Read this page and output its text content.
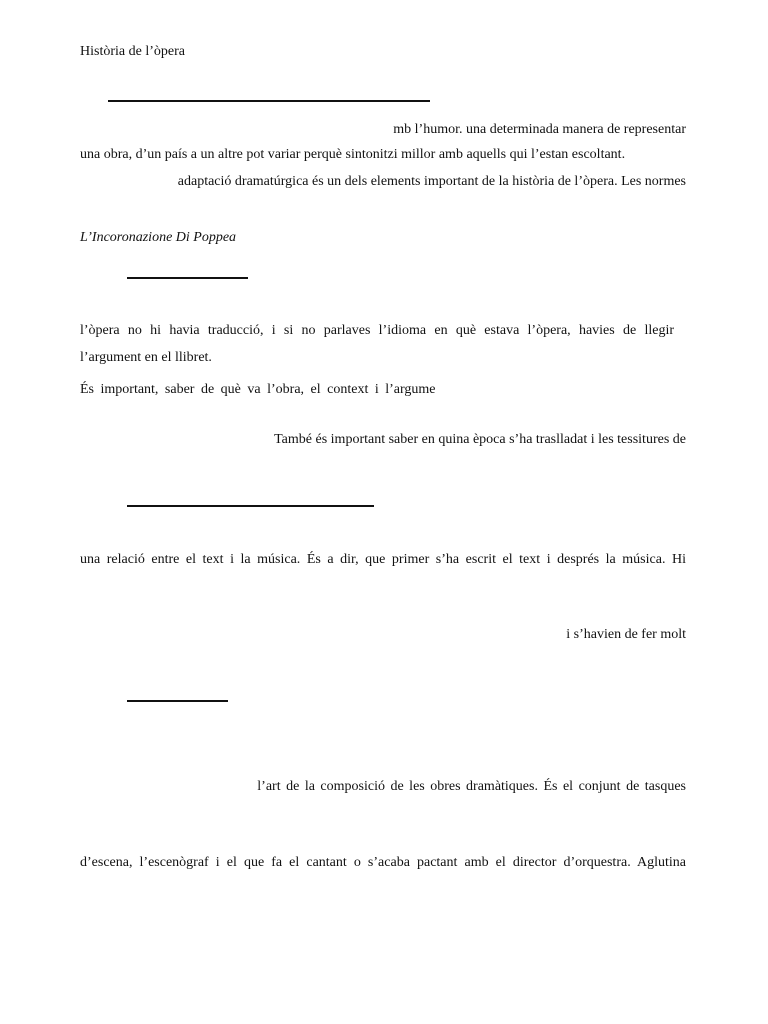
Història de l’òpera
mb l’humor. una determinada manera de representar
una obra, d’un país a un altre pot variar perquè sintonitzi millor amb aquells qui l’estan escoltant.
adaptació dramatúrgica és un dels elements important de la història de l’òpera. Les normes
L’Incoronazione Di Poppea
l’òpera no hi havia traducció, i si no parlaves l’idioma en què estava l’òpera, havies de llegir
l’argument en el llibret.
És important, saber de què va l’obra, el context i l’argume
També és important saber en quina època s’ha traslladat i les tessitures de
una relació entre el text i la música. És a dir, que primer s’ha escrit el text i després la música. Hi
i s’havien de fer molt
l’art de la composició de les obres dramàtiques. És el conjunt de tasques
d’escena, l’escenògraf i el que fa el cantant o s’acaba pactant amb el director d’orquestra. Aglutina
